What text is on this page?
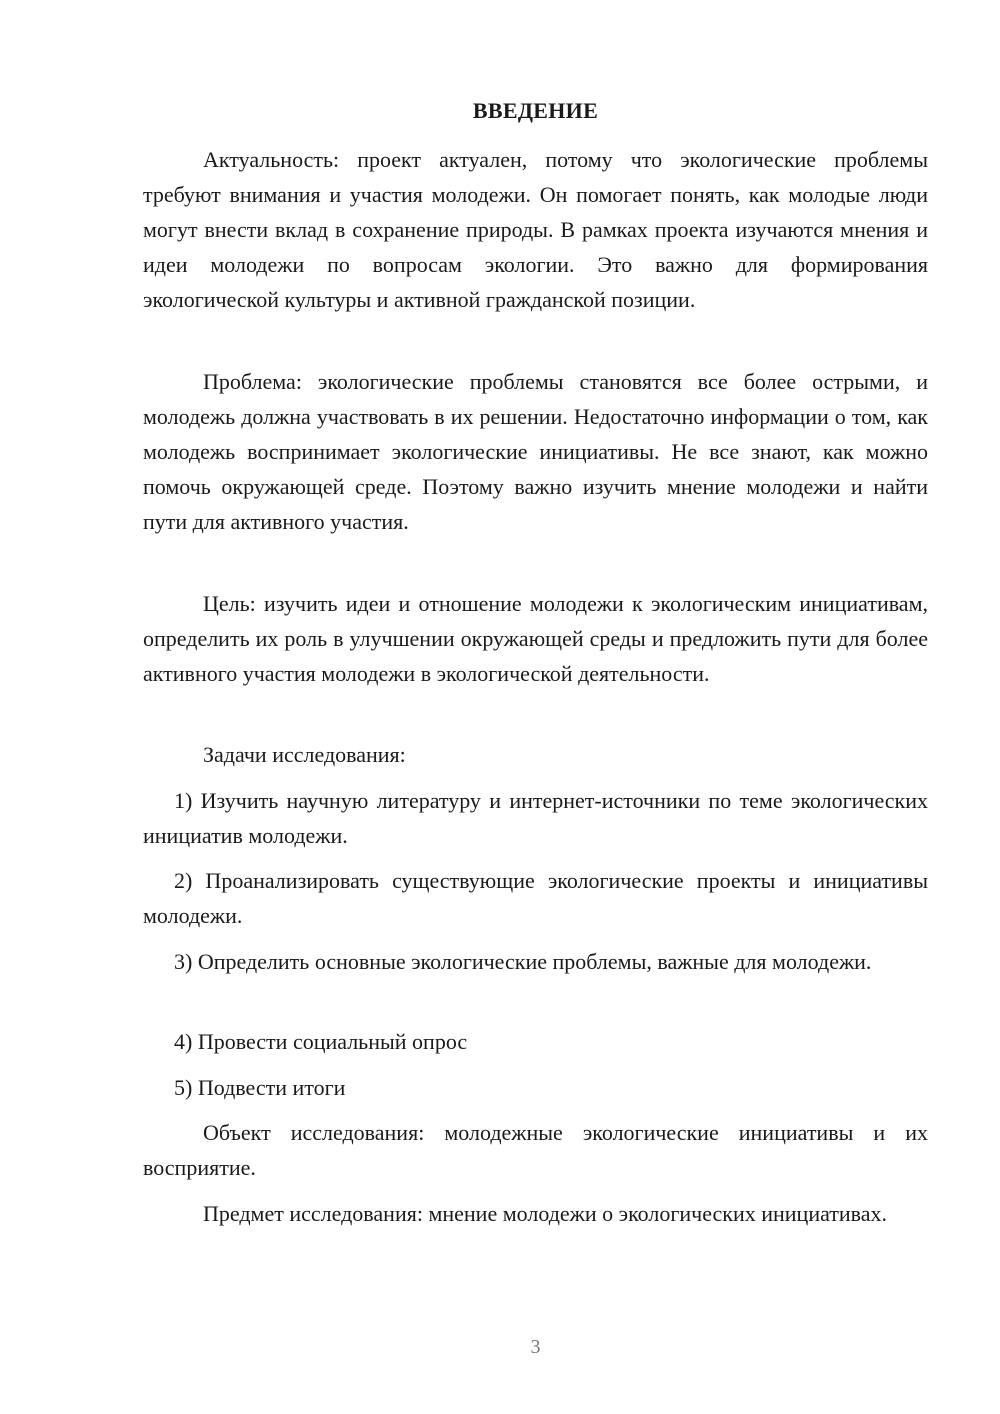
ВВЕДЕНИЕ

Актуальность: проект актуален, потому что экологические проблемы требуют внимания и участия молодежи. Он помогает понять, как молодые люди могут внести вклад в сохранение природы. В рамках проекта изучаются мнения и идеи молодежи по вопросам экологии. Это важно для формирования экологической культуры и активной гражданской позиции.

Проблема: экологические проблемы становятся все более острыми, и молодежь должна участвовать в их решении. Недостаточно информации о том, как молодежь воспринимает экологические инициативы. Не все знают, как можно помочь окружающей среде. Поэтому важно изучить мнение молодежи и найти пути для активного участия.

Цель: изучить идеи и отношение молодежи к экологическим инициативам, определить их роль в улучшении окружающей среды и предложить пути для более активного участия молодежи в экологической деятельности.

Задачи исследования:

1) Изучить научную литературу и интернет-источники по теме экологических инициатив молодежи.

2) Проанализировать существующие экологические проекты и инициативы молодежи.

3) Определить основные экологические проблемы, важные для молодежи.

4) Провести социальный опрос

5) Подвести итоги

Объект исследования: молодежные экологические инициативы и их восприятие.

Предмет исследования: мнение молодежи о экологических инициативах.

3
